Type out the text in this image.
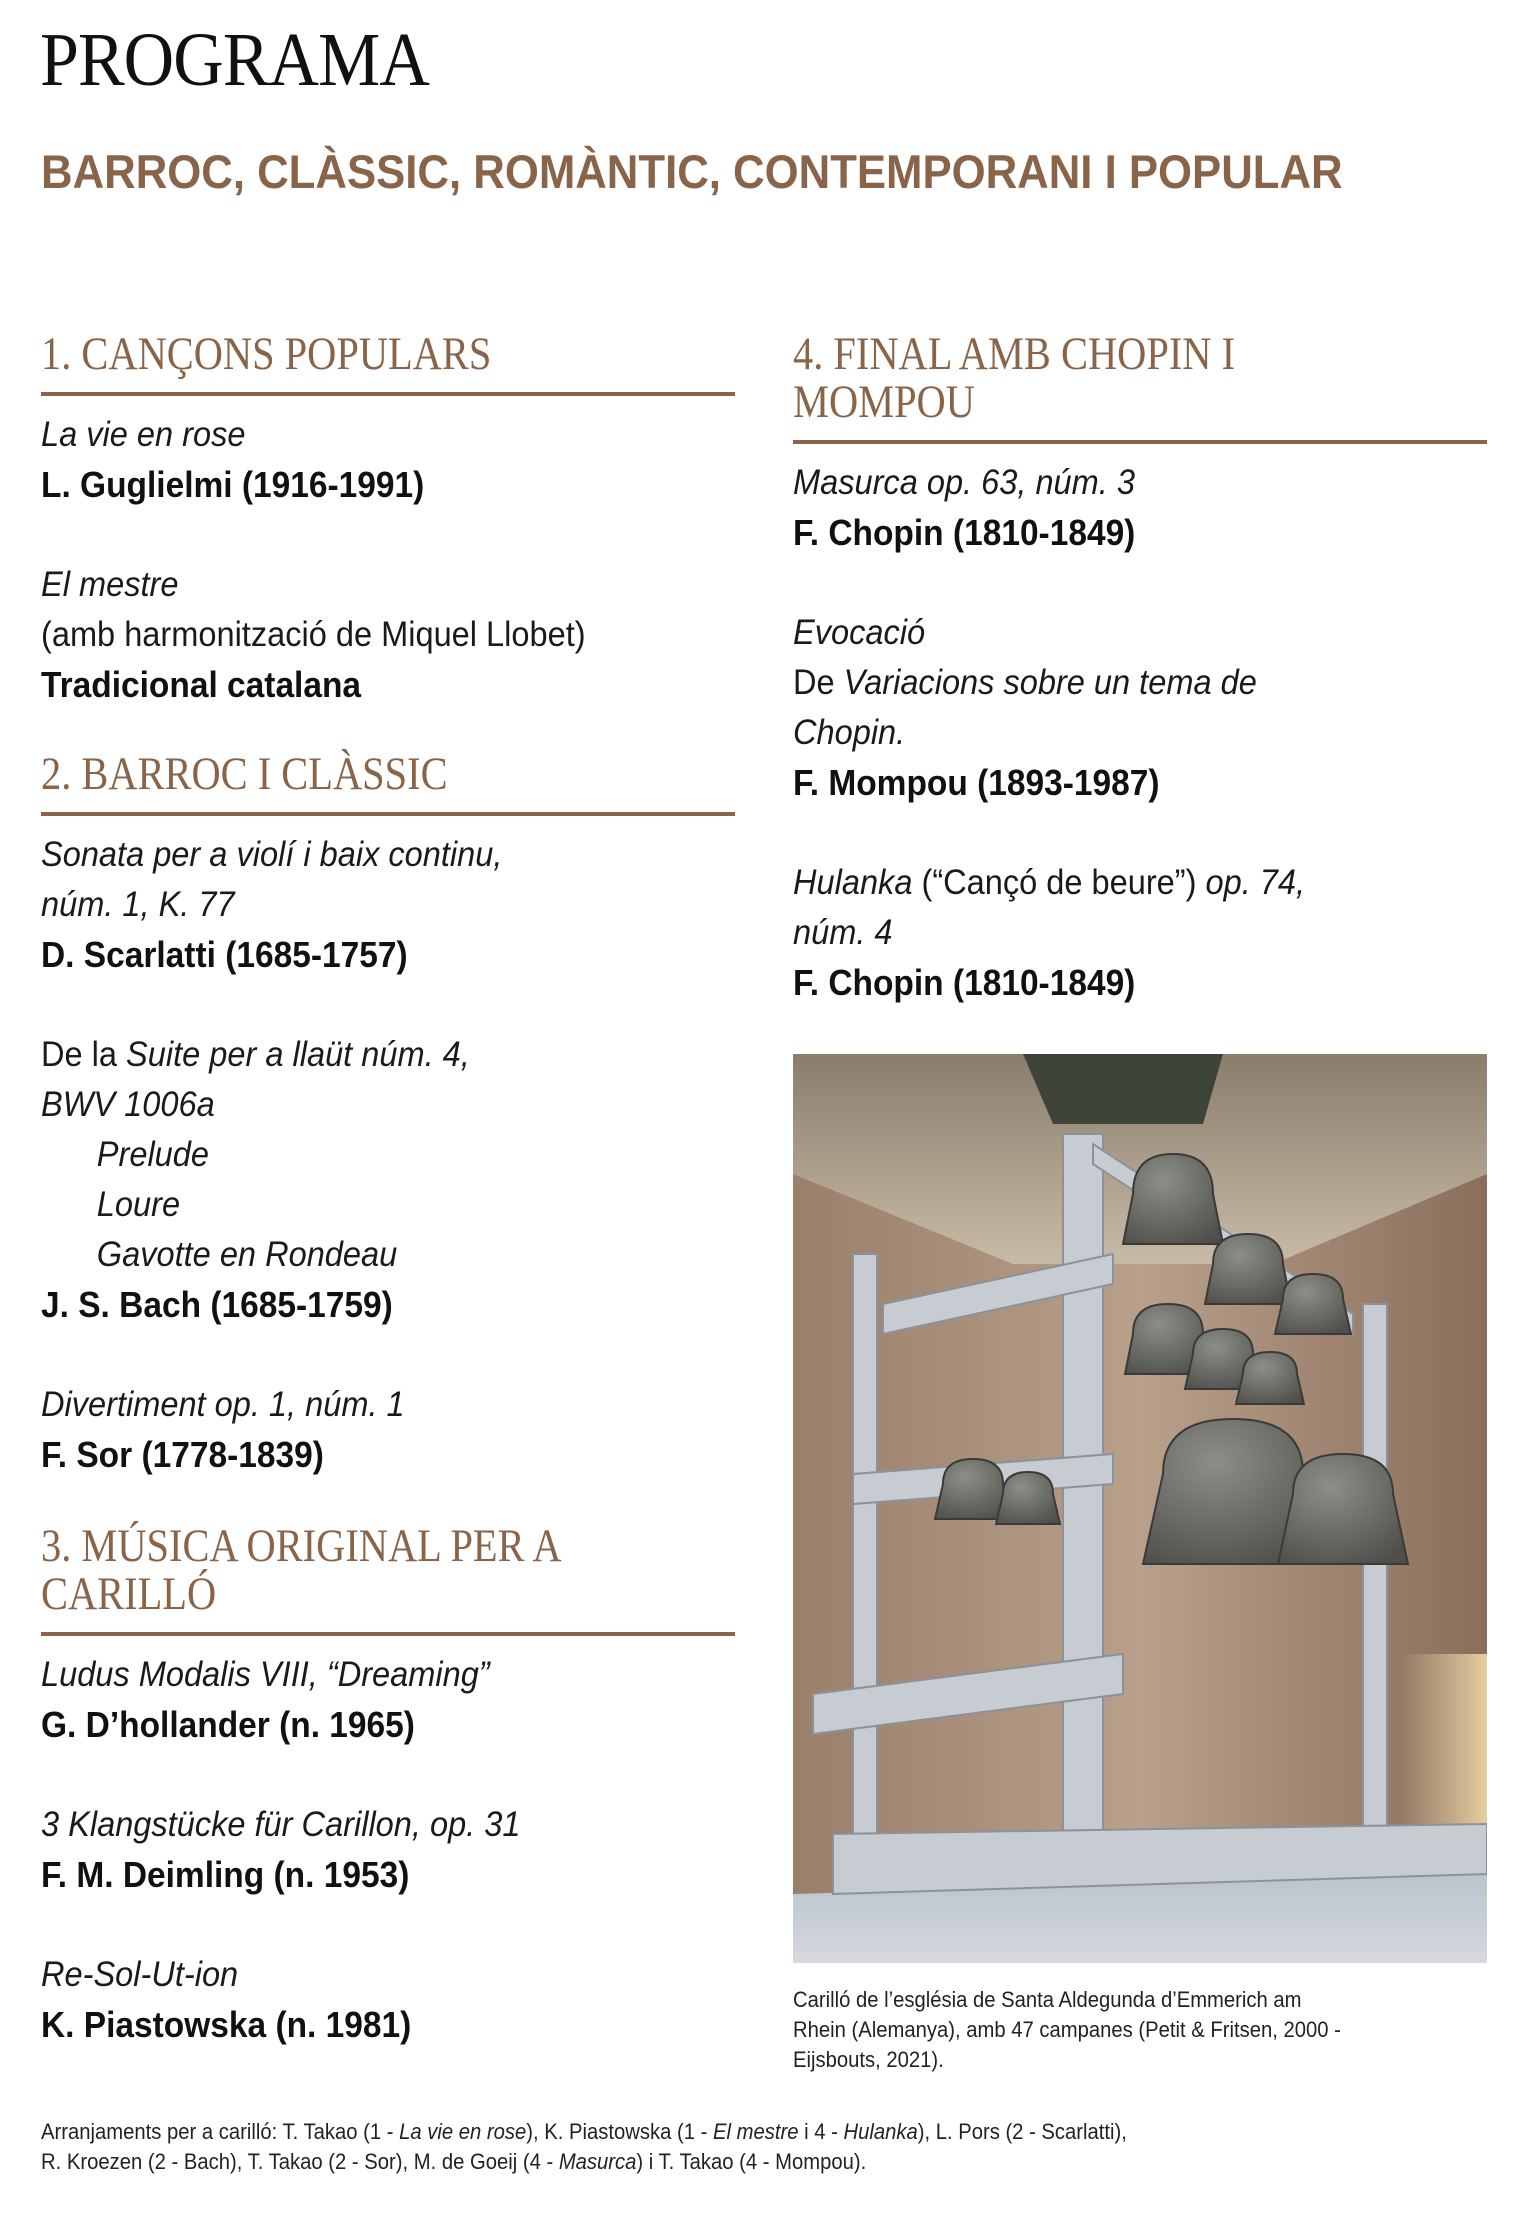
PROGRAMA
BARROC, CLÀSSIC, ROMÀNTIC, CONTEMPORANI I POPULAR
1. CANÇONS POPULARS
La vie en rose
L. Guglielmi (1916-1991)
El mestre
(amb harmonització de Miquel Llobet)
Tradicional catalana
2. BARROC I CLÀSSIC
Sonata per a violí i baix continu,
núm. 1, K. 77
D. Scarlatti (1685-1757)
De la Suite per a llaüt núm. 4,
BWV 1006a
Prelude
Loure
Gavotte en Rondeau
J. S. Bach (1685-1759)
Divertiment op. 1, núm. 1
F. Sor (1778-1839)
3. MÚSICA ORIGINAL PER A
CARILLÓ
Ludus Modalis VIII, “Dreaming”
G. D’hollander (n. 1965)
3 Klangstücke für Carillon, op. 31
F. M. Deimling (n. 1953)
Re-Sol-Ut-ion
K. Piastowska (n. 1981)
4. FINAL AMB CHOPIN I
MOMPOU
Masurca op. 63, núm. 3
F. Chopin (1810-1849)
Evocació
De Variacions sobre un tema de
Chopin.
F. Mompou (1893-1987)
Hulanka (“Cançó de beure”) op. 74,
núm. 4
F. Chopin (1810-1849)
Carilló de l’església de Santa Aldegunda d’Emmerich am
Rhein (Alemanya), amb 47 campanes (Petit & Fritsen, 2000 -
Eijsbouts, 2021).
Arranjaments per a carilló: T. Takao (1 - La vie en rose), K. Piastowska (1 - El mestre i 4 - Hulanka), L. Pors (2 - Scarlatti),
R. Kroezen (2 - Bach), T. Takao (2 - Sor), M. de Goeij (4 - Masurca) i T. Takao (4 - Mompou).
